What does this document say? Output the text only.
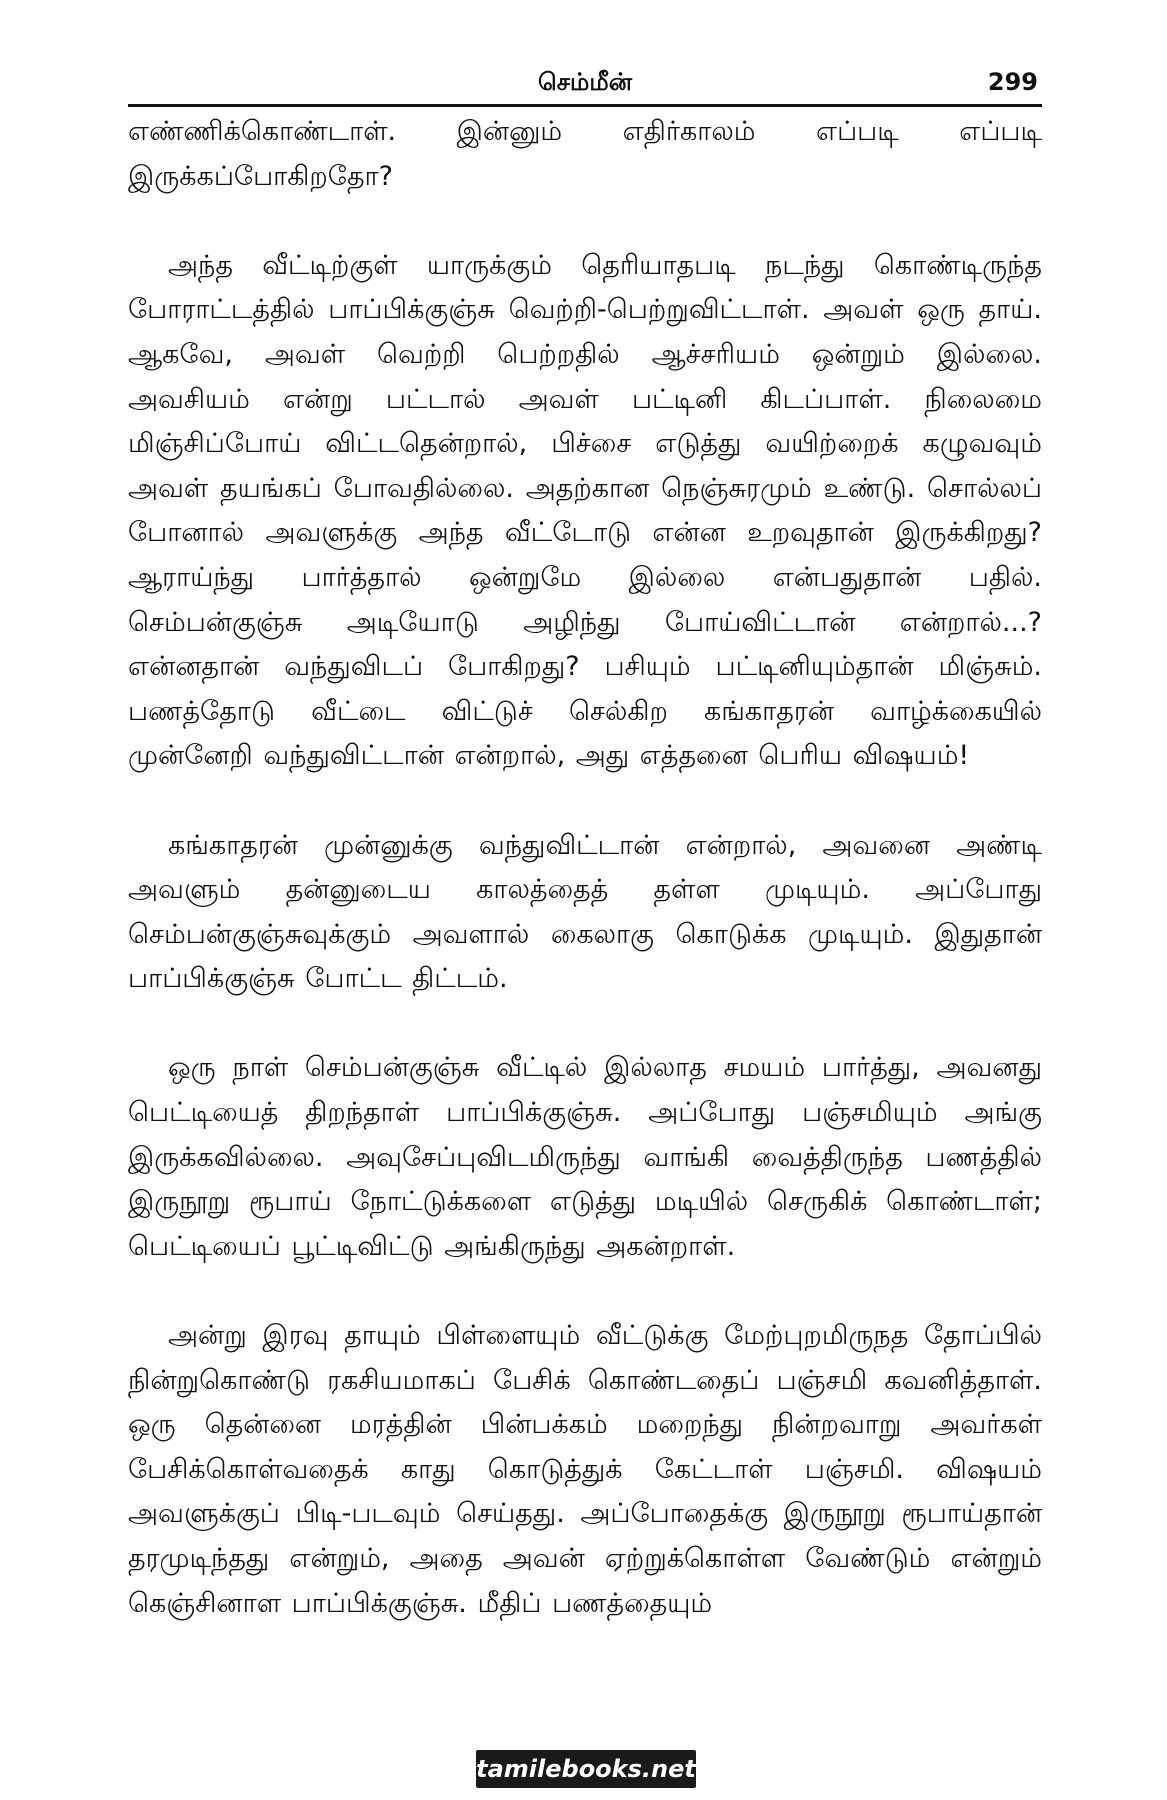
செம்மீன்	299

எண்ணிக்கொண்டாள். இன்னும் எதிர்காலம் எப்படி எப்படி இருக்கப்போகிறதோ?

அந்த வீட்டிற்குள் யாருக்கும் தெரியாதபடி நடந்து கொண்டிருந்த போராட்டத்தில் பாப்பிக்குஞ்சு வெற்றி-பெற்றுவிட்டாள். அவள் ஒரு தாய். ஆகவே, அவள் வெற்றி பெற்றதில் ஆச்சரியம் ஒன்றும் இல்லை. அவசியம் என்று பட்டால் அவள் பட்டினி கிடப்பாள். நிலைமை மிஞ்சிப்போய் விட்டதென்றால், பிச்சை எடுத்து வயிற்றைக் கழுவவும் அவள் தயங்கப் போவதில்லை. அதற்கான நெஞ்சுரமும் உண்டு. சொல்லப் போனால் அவளுக்கு அந்த வீட்டோடு என்ன உறவுதான் இருக்கிறது? ஆராய்ந்து பார்த்தால் ஒன்றுமே இல்லை என்பதுதான் பதில். செம்பன்குஞ்சு அடியோடு அழிந்து போய்விட்டான் என்றால்...? என்னதான் வந்துவிடப் போகிறது? பசியும் பட்டினியும்தான் மிஞ்சும். பணத்தோடு வீட்டை விட்டுச் செல்கிற கங்காதரன் வாழ்க்கையில் முன்னேறி வந்துவிட்டான் என்றால், அது எத்தனை பெரிய விஷயம்!

கங்காதரன் முன்னுக்கு வந்துவிட்டான் என்றால், அவனை அண்டி அவளும் தன்னுடைய காலத்தைத் தள்ள முடியும். அப்போது செம்பன்குஞ்சுவுக்கும் அவளால் கைலாகு கொடுக்க முடியும். இதுதான் பாப்பிக்குஞ்சு போட்ட திட்டம்.

ஒரு நாள் செம்பன்குஞ்சு வீட்டில் இல்லாத சமயம் பார்த்து, அவனது பெட்டியைத் திறந்தாள் பாப்பிக்குஞ்சு. அப்போது பஞ்சமியும் அங்கு இருக்கவில்லை. அவுசேப்புவிடமிருந்து வாங்கி வைத்திருந்த பணத்தில் இருநூறு ரூபாய் நோட்டுக்களை எடுத்து மடியில் செருகிக் கொண்டாள்; பெட்டியைப் பூட்டிவிட்டு அங்கிருந்து அகன்றாள்.

அன்று இரவு தாயும் பிள்ளையும் வீட்டுக்கு மேற்புறமிருநத தோப்பில் நின்றுகொண்டு ரகசியமாகப் பேசிக் கொண்டதைப் பஞ்சமி கவனித்தாள். ஒரு தென்னை மரத்தின் பின்பக்கம் மறைந்து நின்றவாறு அவர்கள் பேசிக்கொள்வதைக் காது கொடுத்துக் கேட்டாள் பஞ்சமி. விஷயம் அவளுக்குப் பிடி-படவும் செய்தது. அப்போதைக்கு இருநூறு ரூபாய்தான் தரமுடிந்தது என்றும், அதை அவன் ஏற்றுக்கொள்ள வேண்டும் என்றும் கெஞ்சினாள பாப்பிக்குஞ்சு. மீதிப் பணத்தையும்

tamilebooks.net
